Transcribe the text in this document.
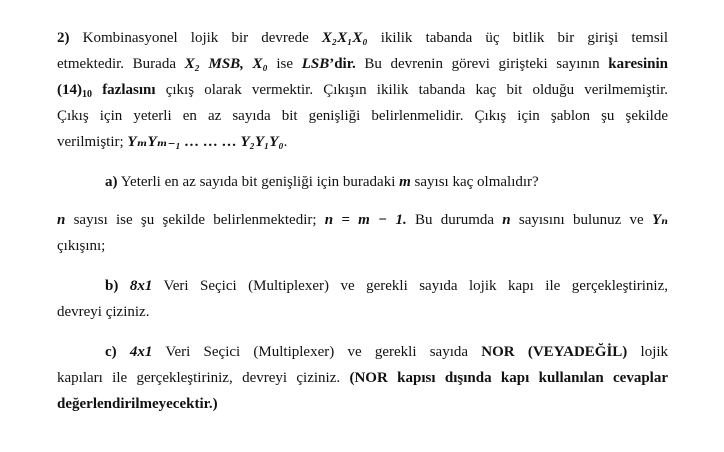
2) Kombinasyonel lojik bir devrede X₂X₁X₀ ikilik tabanda üç bitlik bir girişi temsil
etmektedir. Burada X₂ MSB, X₀ ise LSB’dir. Bu devrenin görevi girişteki sayının karesinin
$(14)_{10}$ fazlasını çıkış olarak vermektir. Çıkışın ikilik tabanda kaç bit olduğu verilmemiştir.
Çıkış için yeterli en az sayıda bit genişliği belirlenmelidir. Çıkış için şablon şu şekilde
verilmiştir; YₘYₘ₋₁ … … … Y₂Y₁Y₀.
a) Yeterli en az sayıda bit genişliği için buradaki m sayısı kaç olmalıdır?
n sayısı ise şu şekilde belirlenmektedir; n = m − 1. Bu durumda n sayısını bulunuz ve Yₙ
çıkışını;
b) 8x1 Veri Seçici (Multiplexer) ve gerekli sayıda lojik kapı ile gerçekleştiriniz,
devreyi çiziniz.
c) 4x1 Veri Seçici (Multiplexer) ve gerekli sayıda NOR (VEYADEĞİL) lojik
kapıları ile gerçekleştiriniz, devreyi çiziniz. (NOR kapısı dışında kapı kullanılan cevaplar
değerlendirilmeyecektir.)
